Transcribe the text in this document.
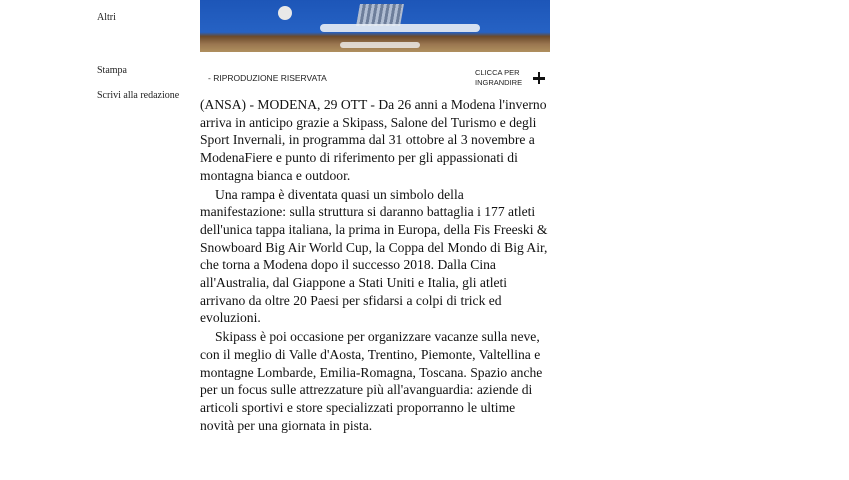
Altri
Stampa
Scrivi alla redazione
- RIPRODUZIONE RISERVATA
CLICCA PER
INGRANDIRE

(ANSA) - MODENA, 29 OTT - Da 26 anni a Modena l'inverno arriva in anticipo grazie a Skipass, Salone del Turismo e degli Sport Invernali, in programma dal 31 ottobre al 3 novembre a ModenaFiere e punto di riferimento per gli appassionati di montagna bianca e outdoor.

Una rampa è diventata quasi un simbolo della manifestazione: sulla struttura si daranno battaglia i 177 atleti dell'unica tappa italiana, la prima in Europa, della Fis Freeski & Snowboard Big Air World Cup, la Coppa del Mondo di Big Air, che torna a Modena dopo il successo 2018. Dalla Cina all'Australia, dal Giappone a Stati Uniti e Italia, gli atleti arrivano da oltre 20 Paesi per sfidarsi a colpi di trick ed evoluzioni.

Skipass è poi occasione per organizzare vacanze sulla neve, con il meglio di Valle d'Aosta, Trentino, Piemonte, Valtellina e montagne Lombarde, Emilia-Romagna, Toscana. Spazio anche per un focus sulle attrezzature più all'avanguardia: aziende di articoli sportivi e store specializzati proporranno le ultime novità per una giornata in pista.
